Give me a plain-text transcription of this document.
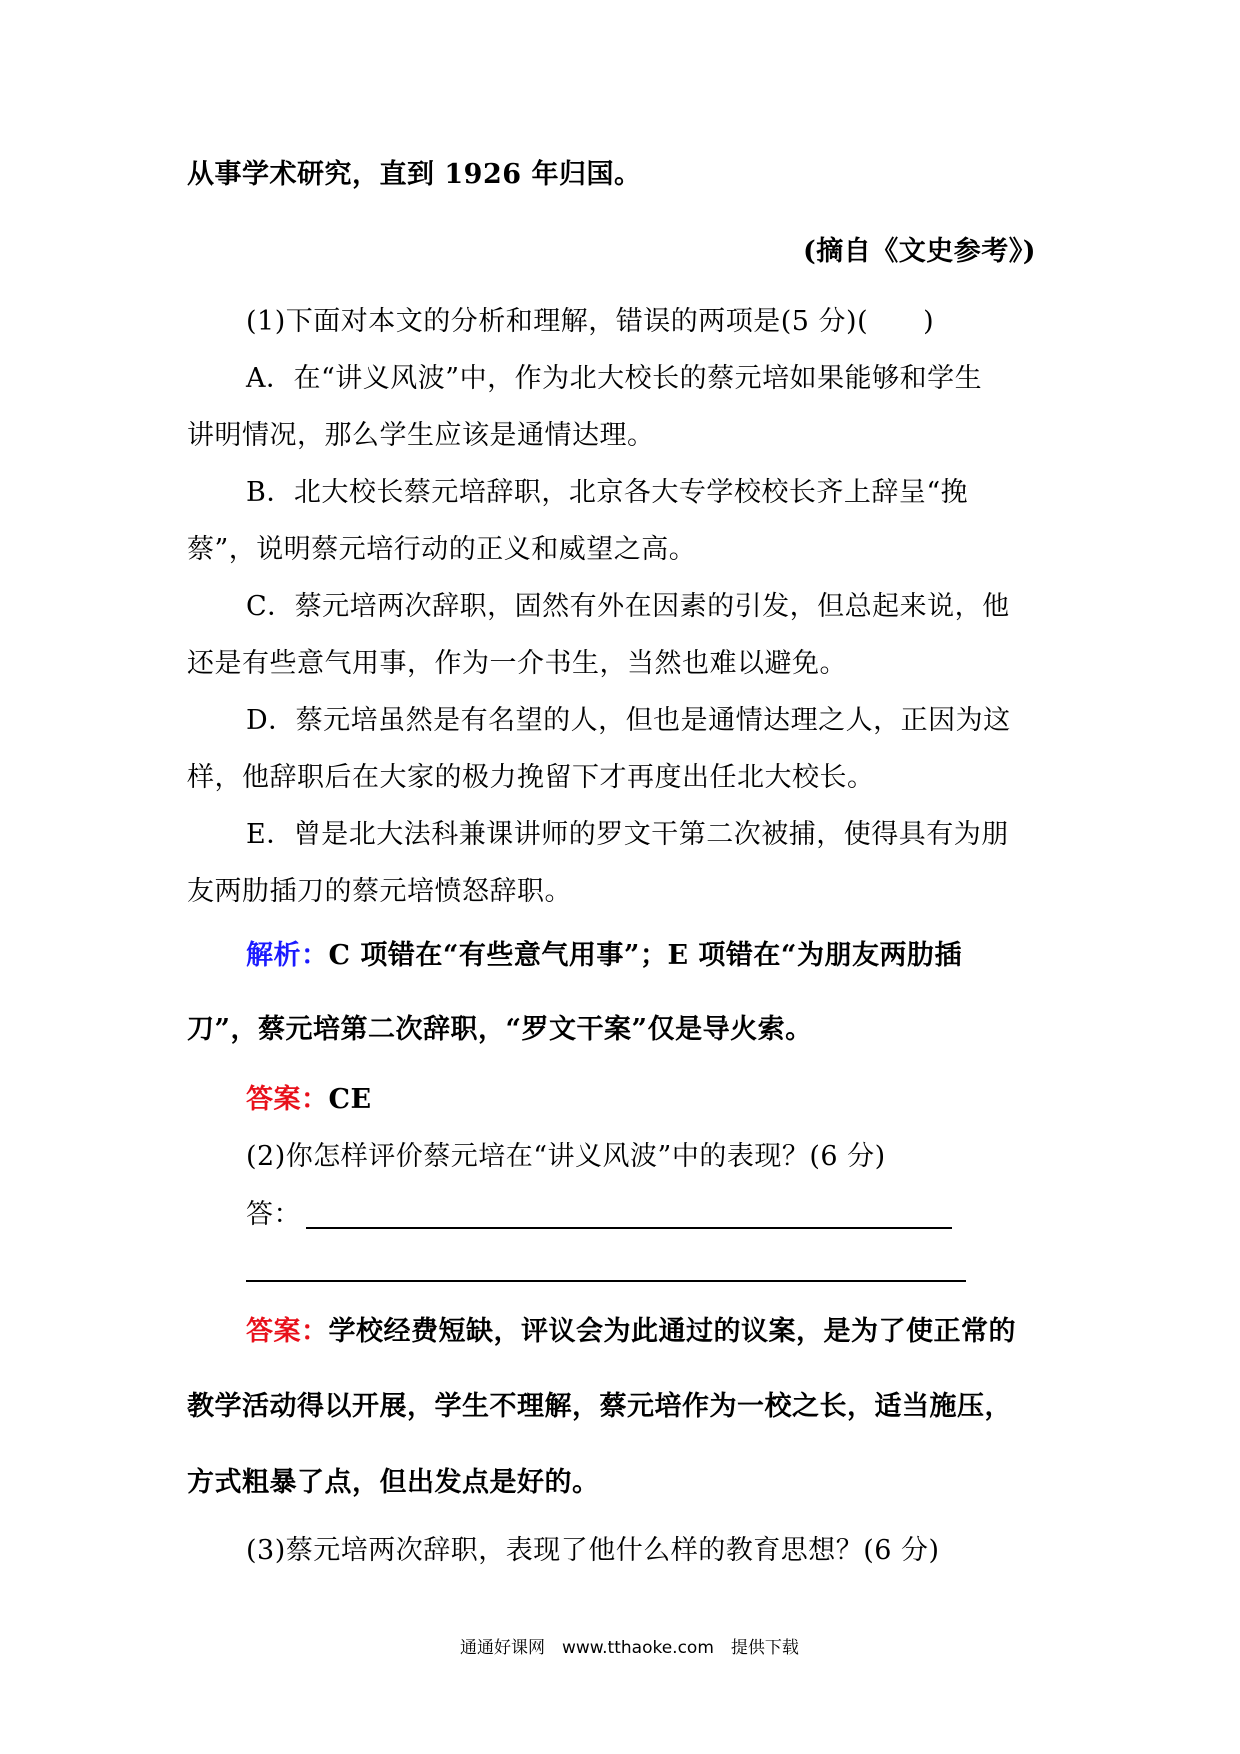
从事学术研究，直到 1926 年归国。
(摘自《文史参考》)
(1)下面对本文的分析和理解，错误的两项是(5 分)(　　)
A．在“讲义风波”中，作为北大校长的蔡元培如果能够和学生
讲明情况，那么学生应该是通情达理。
B．北大校长蔡元培辞职，北京各大专学校校长齐上辞呈“挽
蔡”，说明蔡元培行动的正义和威望之高。
C．蔡元培两次辞职，固然有外在因素的引发，但总起来说，他
还是有些意气用事，作为一介书生，当然也难以避免。
D．蔡元培虽然是有名望的人，但也是通情达理之人，正因为这
样，他辞职后在大家的极力挽留下才再度出任北大校长。
E．曾是北大法科兼课讲师的罗文干第二次被捕，使得具有为朋
友两肋插刀的蔡元培愤怒辞职。
解析：C 项错在“有些意气用事”；E 项错在“为朋友两肋插
刀”，蔡元培第二次辞职，“罗文干案”仅是导火索。
答案：CE
(2)你怎样评价蔡元培在“讲义风波”中的表现？(6 分)
答：
答案：学校经费短缺，评议会为此通过的议案，是为了使正常的
教学活动得以开展，学生不理解，蔡元培作为一校之长，适当施压，
方式粗暴了点，但出发点是好的。
(3)蔡元培两次辞职，表现了他什么样的教育思想？(6 分)
通通好课网　www.tthaoke.com　提供下载
